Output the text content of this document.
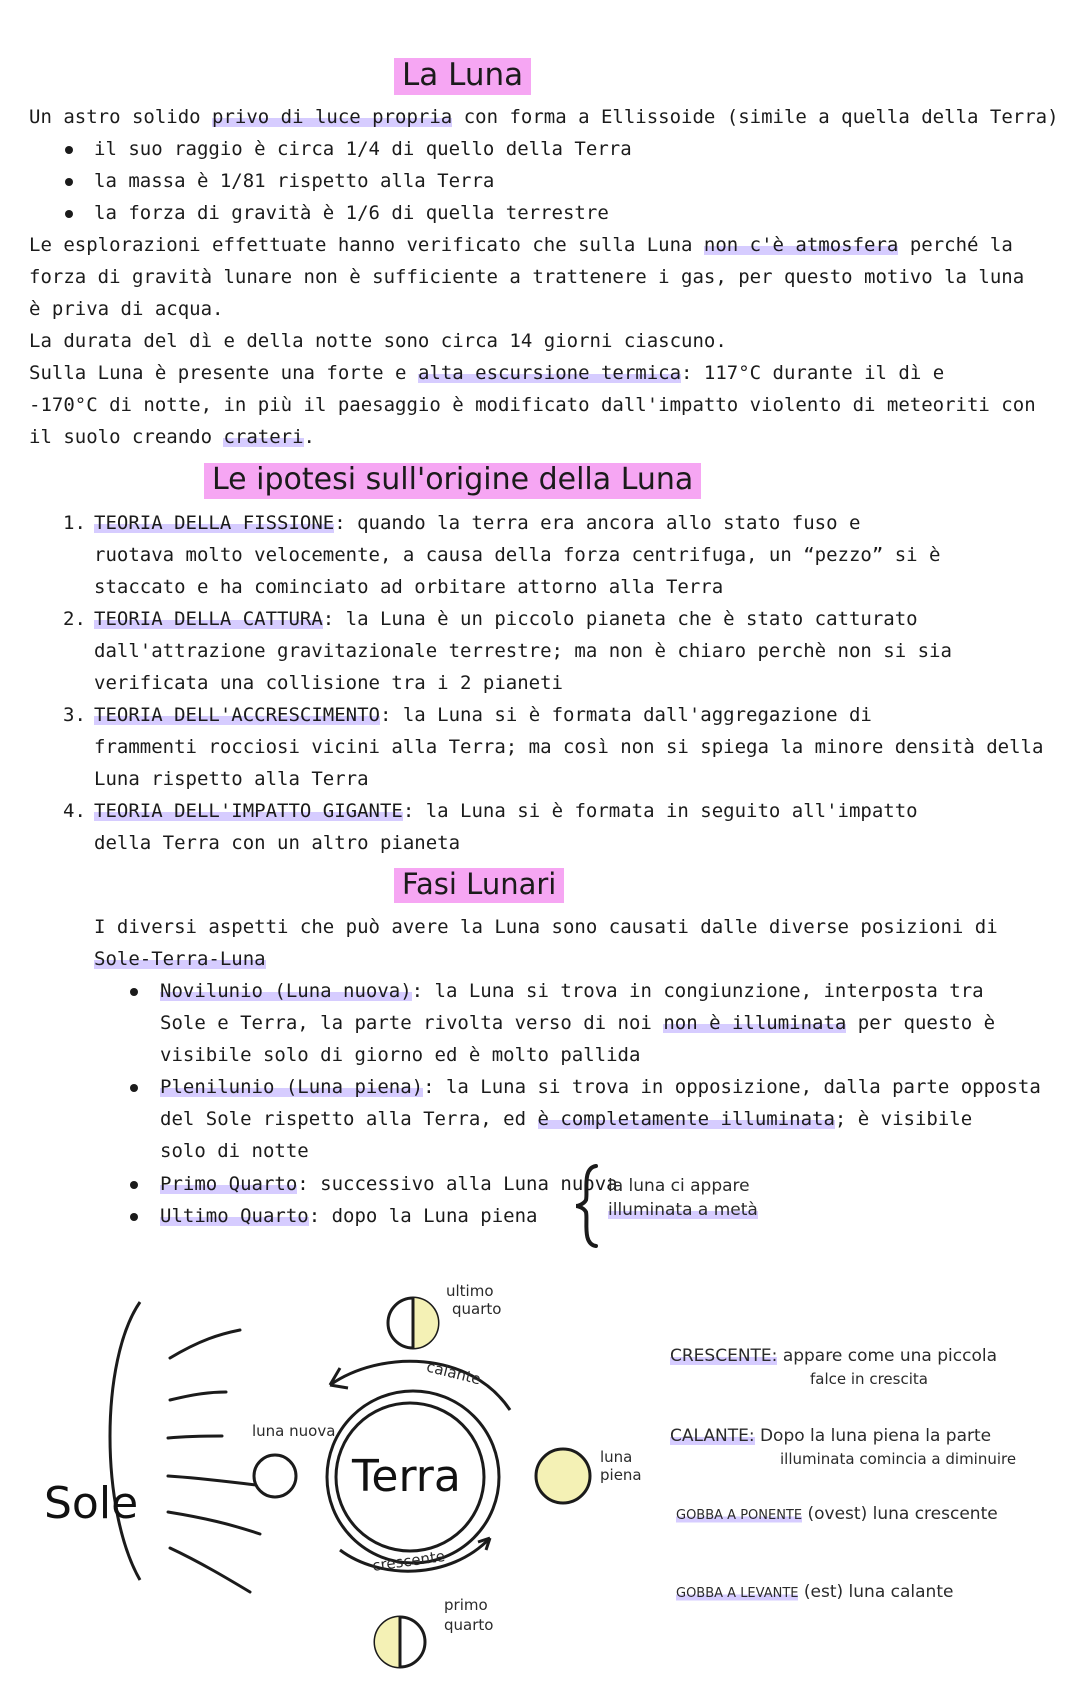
La Luna
Un astro solido privo di luce propria con forma a Ellissoide (simile a quella della Terra)
il suo raggio è circa 1/4 di quello della Terra
la massa è 1/81 rispetto alla Terra
la forza di gravità è 1/6 di quella terrestre
Le esplorazioni effettuate hanno verificato che sulla Luna non c'è atmosfera perché la
forza di gravità lunare non è sufficiente a trattenere i gas, per questo motivo la luna
è priva di acqua.
La durata del dì e della notte sono circa 14 giorni ciascuno.
Sulla Luna è presente una forte e alta escursione termica: 117°C durante il dì e
-170°C di notte, in più il paesaggio è modificato dall'impatto violento di meteoriti con
il suolo creando crateri.
Le ipotesi sull'origine della Luna
1. TEORIA DELLA FISSIONE: quando la terra era ancora allo stato fuso e
ruotava molto velocemente, a causa della forza centrifuga, un “pezzo” si è
staccato e ha cominciato ad orbitare attorno alla Terra
2. TEORIA DELLA CATTURA: la Luna è un piccolo pianeta che è stato catturato
dall'attrazione gravitazionale terrestre; ma non è chiaro perchè non si sia
verificata una collisione tra i 2 pianeti
3. TEORIA DELL'ACCRESCIMENTO: la Luna si è formata dall'aggregazione di
frammenti rocciosi vicini alla Terra; ma così non si spiega la minore densità della
Luna rispetto alla Terra
4. TEORIA DELL'IMPATTO GIGANTE: la Luna si è formata in seguito all'impatto
della Terra con un altro pianeta
Fasi Lunari
I diversi aspetti che può avere la Luna sono causati dalle diverse posizioni di
Sole-Terra-Luna
Novilunio (Luna nuova): la Luna si trova in congiunzione, interposta tra
Sole e Terra, la parte rivolta verso di noi non è illuminata per questo è
visibile solo di giorno ed è molto pallida
Plenilunio (Luna piena): la Luna si trova in opposizione, dalla parte opposta
del Sole rispetto alla Terra, ed è completamente illuminata; è visibile
solo di notte
Primo Quarto: successivo alla Luna nuova
Ultimo Quarto: dopo la Luna piena
la luna ci appare
illuminata a metà
Sole
Terra
ultimo
quarto
calante
crescente
luna nuova
luna
piena
primo
quarto
CRESCENTE: appare come una piccola
falce in crescita
CALANTE: Dopo la luna piena la parte
illuminata comincia a diminuire
GOBBA A PONENTE (ovest) luna crescente
GOBBA A LEVANTE (est) luna calante
